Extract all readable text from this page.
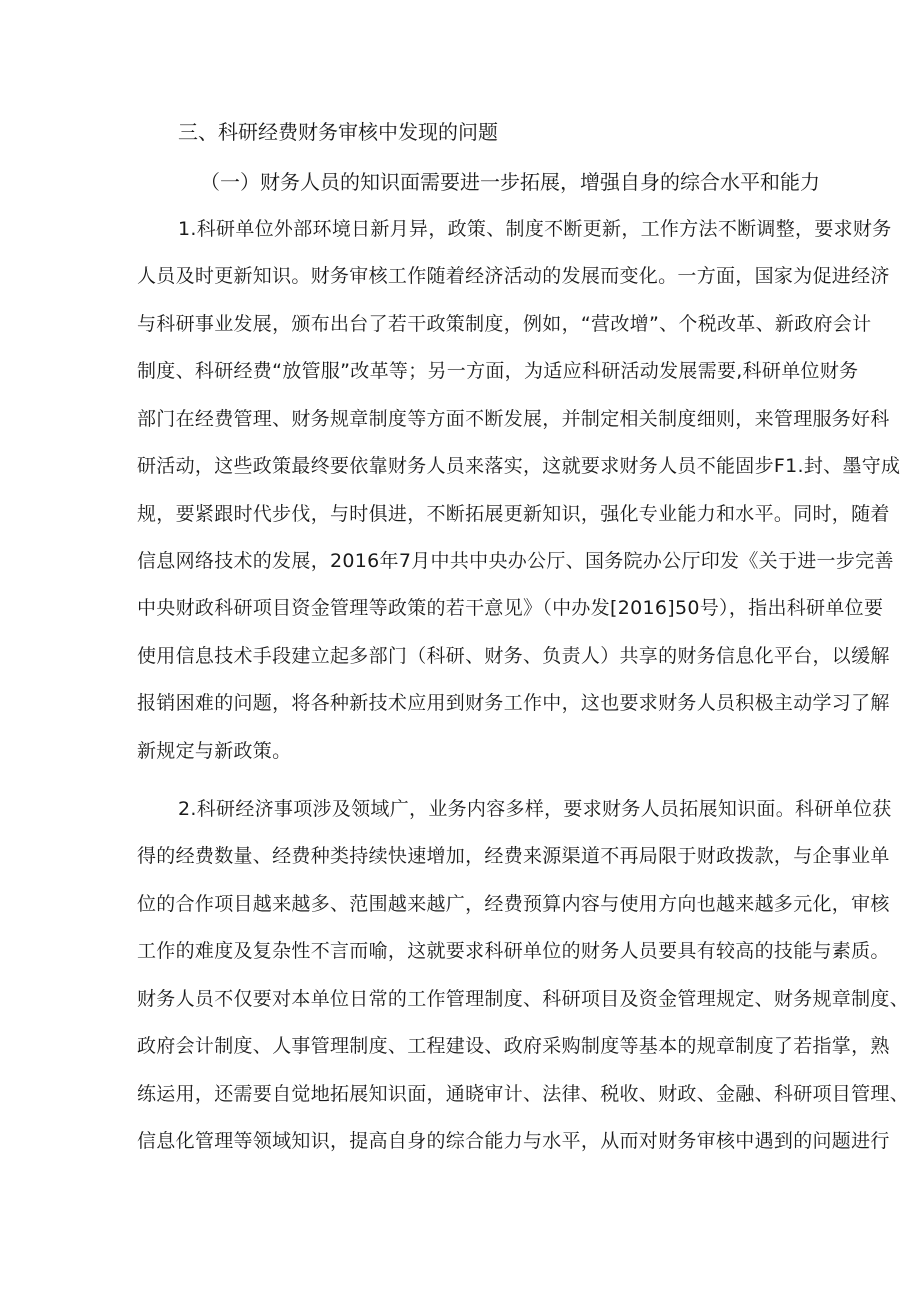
三、科研经费财务审核中发现的问题
（一）财务人员的知识面需要进一步拓展，增强自身的综合水平和能力
1.科研单位外部环境日新月异，政策、制度不断更新，工作方法不断调整，要求财务
人员及时更新知识。财务审核工作随着经济活动的发展而变化。一方面，国家为促进经济
与科研事业发展，颁布出台了若干政策制度，例如，“营改增”、个税改革、新政府会计
制度、科研经费“放管服”改革等；另一方面，为适应科研活动发展需要,科研单位财务
部门在经费管理、财务规章制度等方面不断发展，并制定相关制度细则，来管理服务好科
研活动，这些政策最终要依靠财务人员来落实，这就要求财务人员不能固步F1.封、墨守成
规，要紧跟时代步伐，与时俱进，不断拓展更新知识，强化专业能力和水平。同时，随着
信息网络技术的发展，2016年7月中共中央办公厅、国务院办公厅印发《关于进一步完善
中央财政科研项目资金管理等政策的若干意见》（中办发[2016]50号），指出科研单位要
使用信息技术手段建立起多部门（科研、财务、负责人）共享的财务信息化平台，以缓解
报销困难的问题，将各种新技术应用到财务工作中，这也要求财务人员积极主动学习了解
新规定与新政策。
2.科研经济事项涉及领域广，业务内容多样，要求财务人员拓展知识面。科研单位获
得的经费数量、经费种类持续快速增加，经费来源渠道不再局限于财政拨款，与企事业单
位的合作项目越来越多、范围越来越广，经费预算内容与使用方向也越来越多元化，审核
工作的难度及复杂性不言而喻，这就要求科研单位的财务人员要具有较高的技能与素质。
财务人员不仅要对本单位日常的工作管理制度、科研项目及资金管理规定、财务规章制度、
政府会计制度、人事管理制度、工程建设、政府采购制度等基本的规章制度了若指掌，熟
练运用，还需要自觉地拓展知识面，通晓审计、法律、税收、财政、金融、科研项目管理、
信息化管理等领域知识，提高自身的综合能力与水平，从而对财务审核中遇到的问题进行
